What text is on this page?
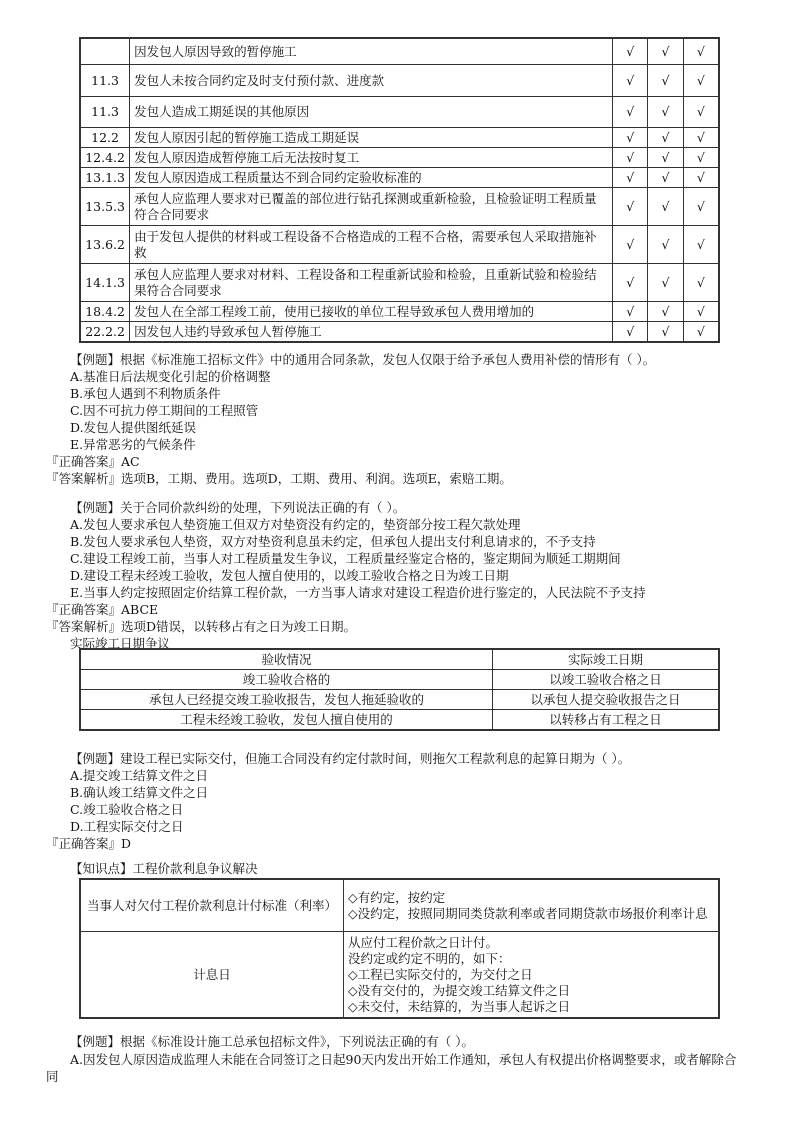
	因发包人原因导致的暂停施工	√	√	√
11.3	发包人未按合同约定及时支付预付款、进度款	√	√	√
11.3	发包人造成工期延误的其他原因	√	√	√
12.2	发包人原因引起的暂停施工造成工期延误	√	√	√
12.4.2	发包人原因造成暂停施工后无法按时复工	√	√	√
13.1.3	发包人原因造成工程质量达不到合同约定验收标准的	√	√	√
13.5.3	承包人应监理人要求对已覆盖的部位进行钻孔探测或重新检验，且检验证明工程质量符合合同要求	√	√	√
13.6.2	由于发包人提供的材料或工程设备不合格造成的工程不合格，需要承包人采取措施补救	√	√	√
14.1.3	承包人应监理人要求对材料、工程设备和工程重新试验和检验，且重新试验和检验结果符合合同要求	√	√	√
18.4.2	发包人在全部工程竣工前，使用已接收的单位工程导致承包人费用增加的	√	√	√
22.2.2	因发包人违约导致承包人暂停施工	√	√	√
【例题】根据《标准施工招标文件》中的通用合同条款，发包人仅限于给予承包人费用补偿的情形有（ ）。
A.基准日后法规变化引起的价格调整
B.承包人遇到不利物质条件
C.因不可抗力停工期间的工程照管
D.发包人提供图纸延误
E.异常恶劣的气候条件
『正确答案』AC
『答案解析』选项B，工期、费用。选项D，工期、费用、利润。选项E，索赔工期。
【例题】关于合同价款纠纷的处理，下列说法正确的有（ ）。
A.发包人要求承包人垫资施工但双方对垫资没有约定的，垫资部分按工程欠款处理
B.发包人要求承包人垫资，双方对垫资利息虽未约定，但承包人提出支付利息请求的，不予支持
C.建设工程竣工前，当事人对工程质量发生争议，工程质量经鉴定合格的，鉴定期间为顺延工期期间
D.建设工程未经竣工验收，发包人擅自使用的，以竣工验收合格之日为竣工日期
E.当事人约定按照固定价结算工程价款，一方当事人请求对建设工程造价进行鉴定的，人民法院不予支持
『正确答案』ABCE
『答案解析』选项D错误，以转移占有之日为竣工日期。
实际竣工日期争议
验收情况	实际竣工日期
竣工验收合格的	以竣工验收合格之日
承包人已经提交竣工验收报告，发包人拖延验收的	以承包人提交验收报告之日
工程未经竣工验收，发包人擅自使用的	以转移占有工程之日
【例题】建设工程已实际交付，但施工合同没有约定付款时间，则拖欠工程款利息的起算日期为（ ）。
A.提交竣工结算文件之日
B.确认竣工结算文件之日
C.竣工验收合格之日
D.工程实际交付之日
『正确答案』D
【知识点】工程价款利息争议解决
当事人对欠付工程价款利息计付标准（利率）	◇有约定，按约定
◇没约定，按照同期同类贷款利率或者同期贷款市场报价利率计息

计息日	从应付工程价款之日计付。
没约定或约定不明的，如下：
◇工程已实际交付的，为交付之日
◇没有交付的，为提交竣工结算文件之日
◇未交付，未结算的，为当事人起诉之日
【例题】根据《标准设计施工总承包招标文件》，下列说法正确的有（ ）。
A.因发包人原因造成监理人未能在合同签订之日起90天内发出开始工作通知，承包人有权提出价格调整要求，或者解除合
同
